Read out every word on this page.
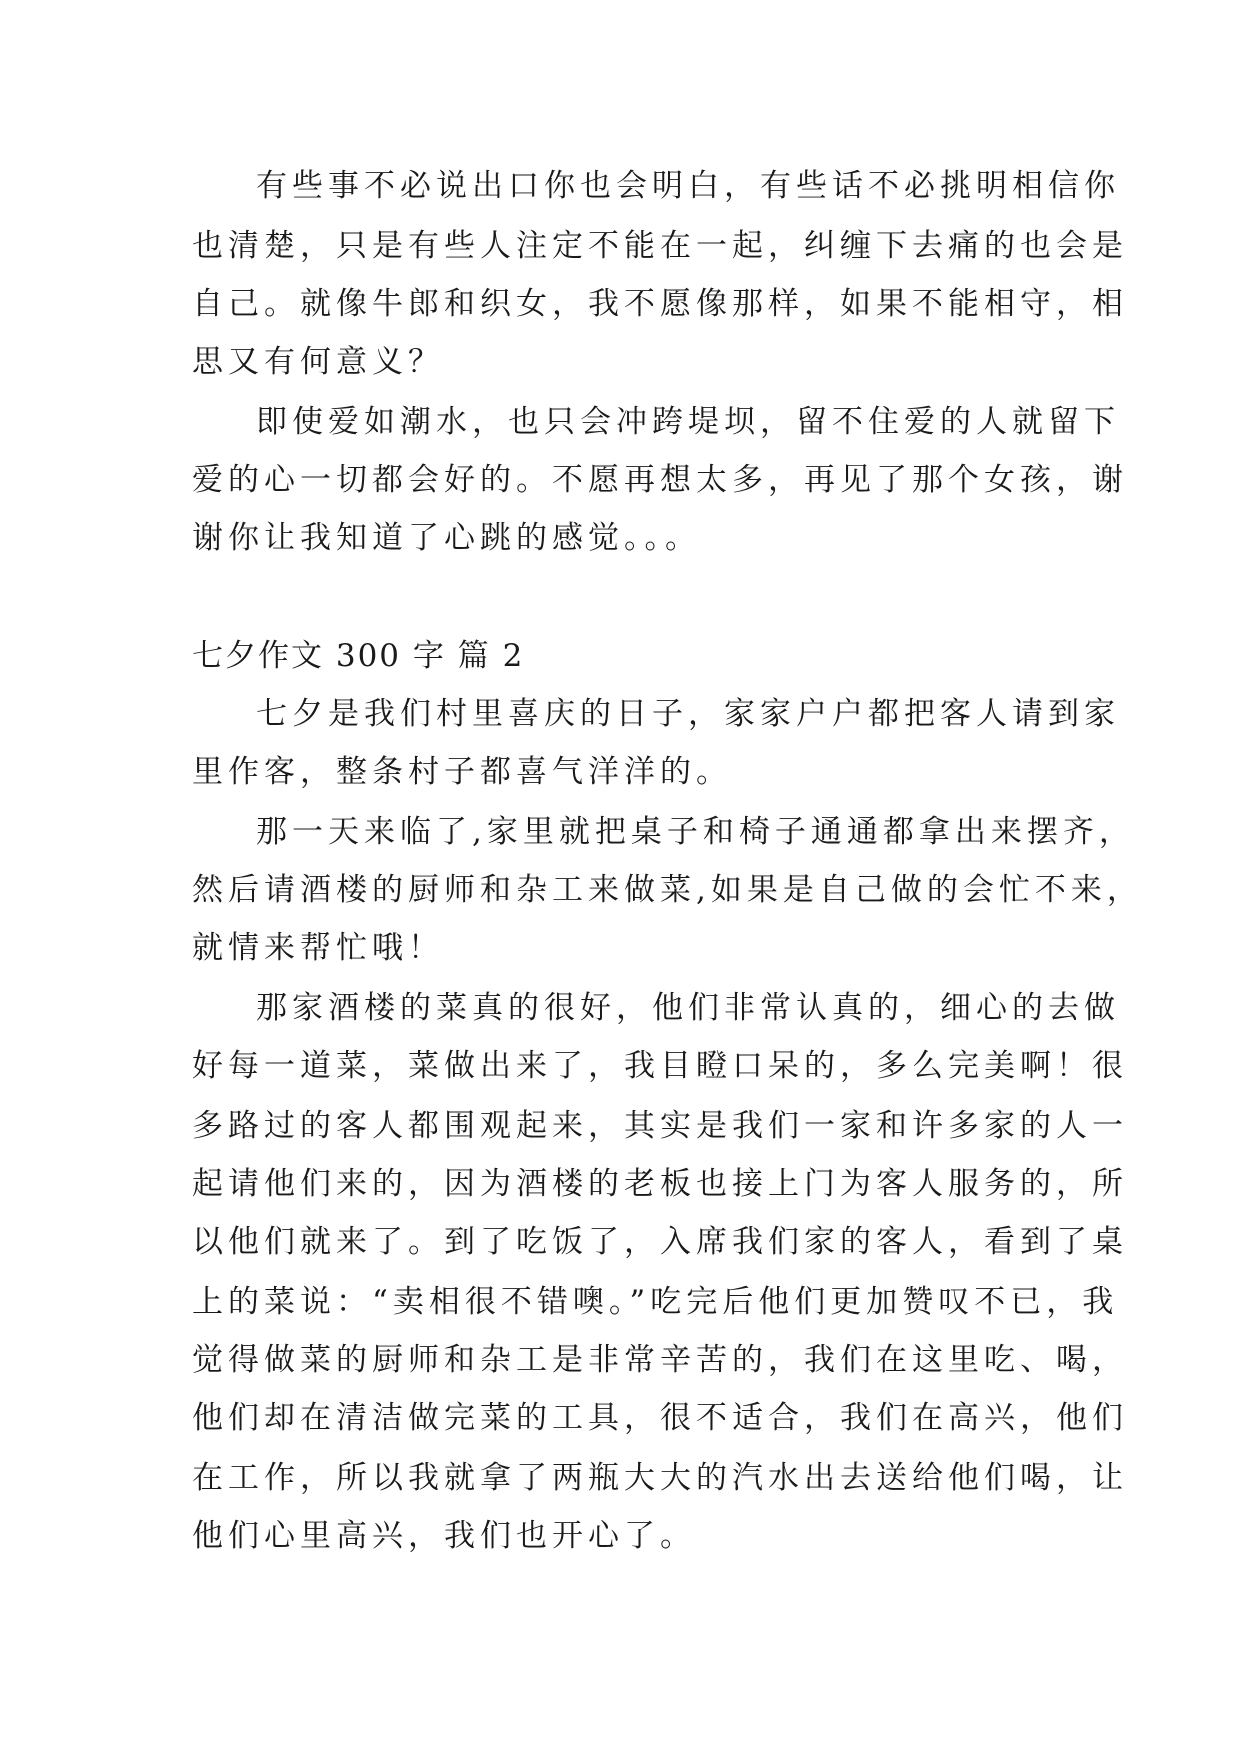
有些事不必说出口你也会明白，有些话不必挑明相信你
也清楚，只是有些人注定不能在一起，纠缠下去痛的也会是
自己。就像牛郎和织女，我不愿像那样，如果不能相守，相
思又有何意义？
即使爱如潮水，也只会冲跨堤坝，留不住爱的人就留下
爱的心一切都会好的。不愿再想太多，再见了那个女孩，谢
谢你让我知道了心跳的感觉。。。
七夕作文 300 字 篇 2
七夕是我们村里喜庆的日子，家家户户都把客人请到家
里作客，整条村子都喜气洋洋的。
那一天来临了,家里就把桌子和椅子通通都拿出来摆齐，
然后请酒楼的厨师和杂工来做菜,如果是自己做的会忙不来，
就情来帮忙哦！
那家酒楼的菜真的很好，他们非常认真的，细心的去做
好每一道菜，菜做出来了，我目瞪口呆的，多么完美啊！很
多路过的客人都围观起来，其实是我们一家和许多家的人一
起请他们来的，因为酒楼的老板也接上门为客人服务的，所
以他们就来了。到了吃饭了，入席我们家的客人，看到了桌
上的菜说：“卖相很不错噢。”吃完后他们更加赞叹不已，我
觉得做菜的厨师和杂工是非常辛苦的，我们在这里吃、喝，
他们却在清洁做完菜的工具，很不适合，我们在高兴，他们
在工作，所以我就拿了两瓶大大的汽水出去送给他们喝，让
他们心里高兴，我们也开心了。
